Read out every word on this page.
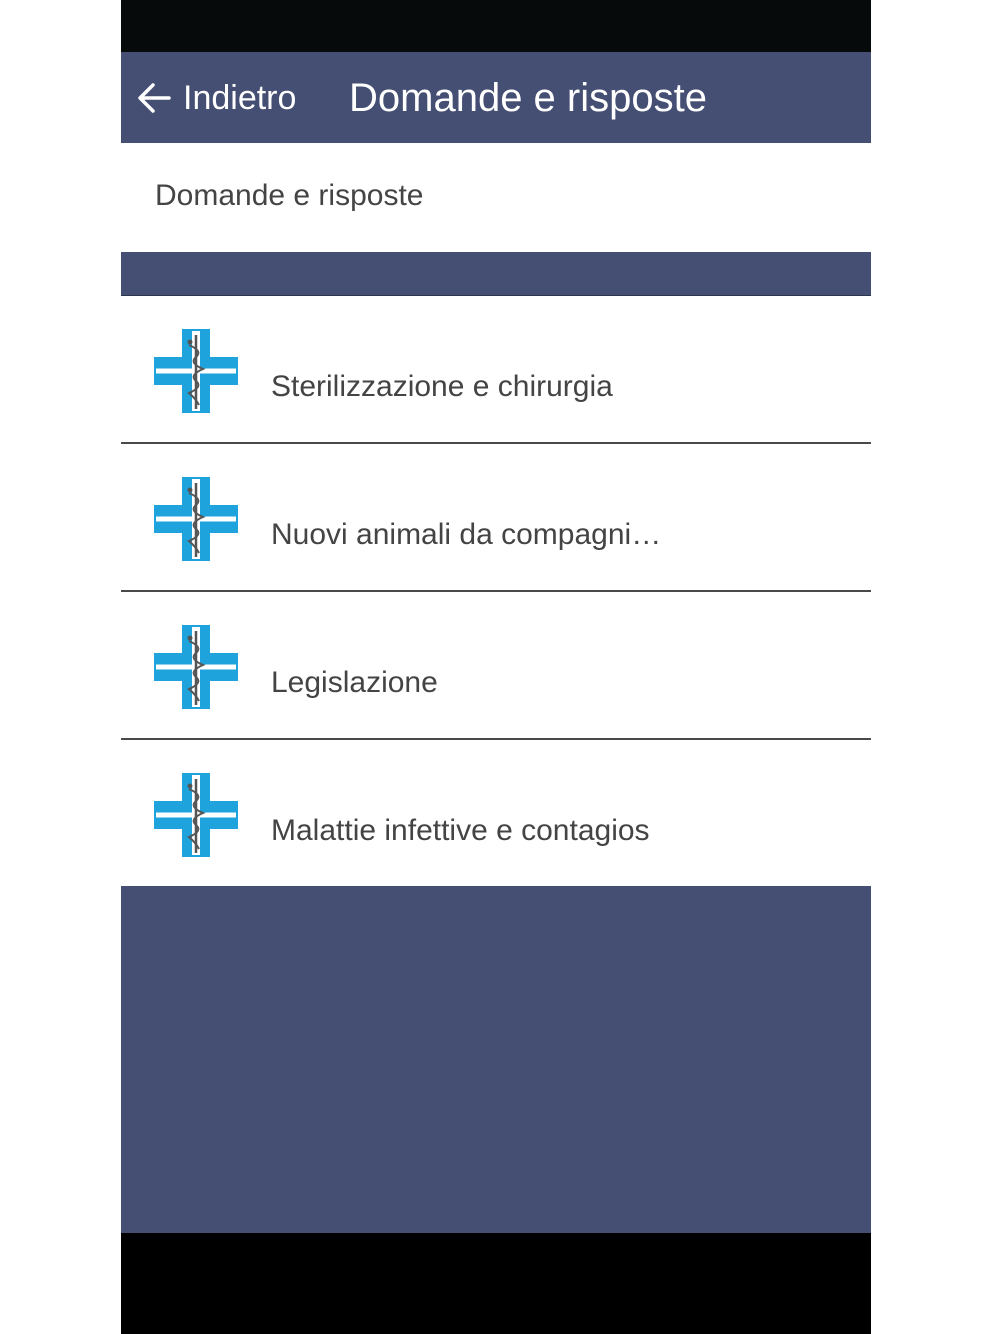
Indietro Domande e risposte
Domande e risposte
Sterilizzazione e chirurgia
Nuovi animali da compagni…
Legislazione
Malattie infettive e contagios
